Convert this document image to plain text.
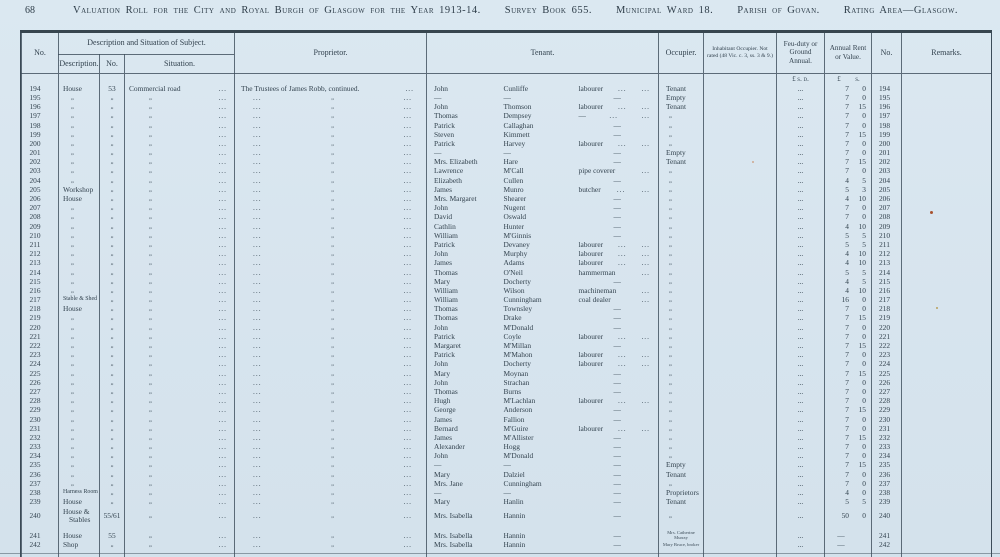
68	Valuation Roll for the City and Royal Burgh of Glasgow for the Year 1913-14. Survey Book 655. Municipal Ward 18. Parish of Govan. Rating Area—Glasgow.
No.	Description and Situation of Subject.			Proprietor.	Tenant.			Occupier.	Inhabitant Occupier. Not rated (48 Vic. c. 3, ss. 3 & 9.)	Feu-duty or Ground Annual.	Annual Rent or Value.	No.	Remarks.
	Description.	No.	Situation.										
										£ s. d.	£ s.		
194	House	53	Commercial road ...	The Trustees of James Robb, continued. ...	John	Cunliffe	labourer ... ...	Tenant		...	7 0	194	
195	„	„	„ ...	... „ ...	—	—	—	Empty		...	7 0	195	
196	„	„	„ ...	... „ ...	John	Thomson	labourer ... ...	Tenant		...	7 15	196	
197	„	„	„ ...	... „ ...	Thomas	Dempsey	— ... ...	„		...	7 0	197	
198	„	„	„ ...	... „ ...	Patrick	Callaghan	—	„		...	7 0	198	
199	„	„	„ ...	... „ ...	Steven	Kimmett	—	„		...	7 15	199	
200	„	„	„ ...	... „ ...	Patrick	Harvey	labourer ... ...	„		...	7 0	200	
201	„	„	„ ...	... „ ...	—	—	—	Empty		...	7 0	201	
202	„	„	„ ...	... „ ...	Mrs. Elizabeth	Hare	—	Tenant		...	7 15	202	
203	„	„	„ ...	... „ ...	Lawrence	M'Call	pipe coverer ...	„		...	7 0	203	
204	„	„	„ ...	... „ ...	Elizabeth	Cullen	—	„		...	4 5	204	
205	Workshop	„	„ ...	... „ ...	James	Munro	butcher ... ...	„		...	5 3	205	
206	House	„	„ ...	... „ ...	Mrs. Margaret	Shearer	—	„		...	4 10	206	
207	„	„	„ ...	... „ ...	John	Nugent	—	„		...	7 0	207	
208	„	„	„ ...	... „ ...	David	Oswald	—	„		...	7 0	208	
209	„	„	„ ...	... „ ...	Cathlin	Hunter	—	„		...	4 10	209	
210	„	„	„ ...	... „ ...	William	M'Ginnis	—	„		...	5 5	210	
211	„	„	„ ...	... „ ...	Patrick	Devaney	labourer ... ...	„		...	5 5	211	
212	„	„	„ ...	... „ ...	John	Murphy	labourer ... ...	„		...	4 10	212	
213	„	„	„ ...	... „ ...	James	Adams	labourer ... ...	„		...	4 10	213	
214	„	„	„ ...	... „ ...	Thomas	O'Neil	hammerman ...	„		...	5 5	214	
215	„	„	„ ...	... „ ...	Mary	Docherty	—	„		...	4 5	215	
216	„	„	„ ...	... „ ...	William	Wilson	machineman ...	„		...	4 10	216	
217	Stable & Shed	„	„ ...	... „ ...	William	Cunningham	coal dealer ...	„		...	16 0	217	
218	House	„	„ ...	... „ ...	Thomas	Townsley	—	„		...	7 0	218	
219	„	„	„ ...	... „ ...	Thomas	Drake	—	„		...	7 15	219	
220	„	„	„ ...	... „ ...	John	M'Donald	—	„		...	7 0	220	
221	„	„	„ ...	... „ ...	Patrick	Coyle	labourer ... ...	„		...	7 0	221	
222	„	„	„ ...	... „ ...	Margaret	M'Millan	—	„		...	7 15	222	
223	„	„	„ ...	... „ ...	Patrick	M'Mahon	labourer ... ...	„		...	7 0	223	
224	„	„	„ ...	... „ ...	John	Docherty	labourer ... ...	„		...	7 0	224	
225	„	„	„ ...	... „ ...	Mary	Moynan	—	„		...	7 15	225	
226	„	„	„ ...	... „ ...	John	Strachan	—	„		...	7 0	226	
227	„	„	„ ...	... „ ...	Thomas	Burns	—	„		...	7 0	227	
228	„	„	„ ...	... „ ...	Hugh	M'Lachlan	labourer ... ...	„		...	7 0	228	
229	„	„	„ ...	... „ ...	George	Anderson	—	„		...	7 15	229	
230	„	„	„ ...	... „ ...	James	Fallion	—	„		...	7 0	230	
231	„	„	„ ...	... „ ...	Bernard	M'Guire	labourer ... ...	„		...	7 0	231	
232	„	„	„ ...	... „ ...	James	M'Allister	—	„		...	7 15	232	
233	„	„	„ ...	... „ ...	Alexander	Hogg	—	„		...	7 0	233	
234	„	„	„ ...	... „ ...	John	M'Donald	—	„		...	7 0	234	
235	„	„	„ ...	... „ ...	—	—	—	Empty		...	7 15	235	
236	„	„	„ ...	... „ ...	Mary	Dalziel	—	Tenant		...	7 0	236	
237	„	„	„ ...	... „ ...	Mrs. Jane	Cunningham	—	„		...	7 0	237	
238	Harness Room	„	„ ...	... „ ...	—	—	—	Proprietors		...	4 0	238	
239	House	„	„ ...	... „ ...	Mary	Hanlin	—	Tenant		...	5 5	239	
240	House & Stables	55/61	„ ...	... „ ...	Mrs. Isabella	Hannin	—	„		...	50 0	240	

241	House	55	„ ...	... „ ...	Mrs. Isabella	Hannin	—	Mrs. Catherine Murray		...	—	241	
242	Shop	„	„ ...	... „ ...	Mrs. Isabella	Hannin	—	Mary Bruce, broker		...	—	242	
